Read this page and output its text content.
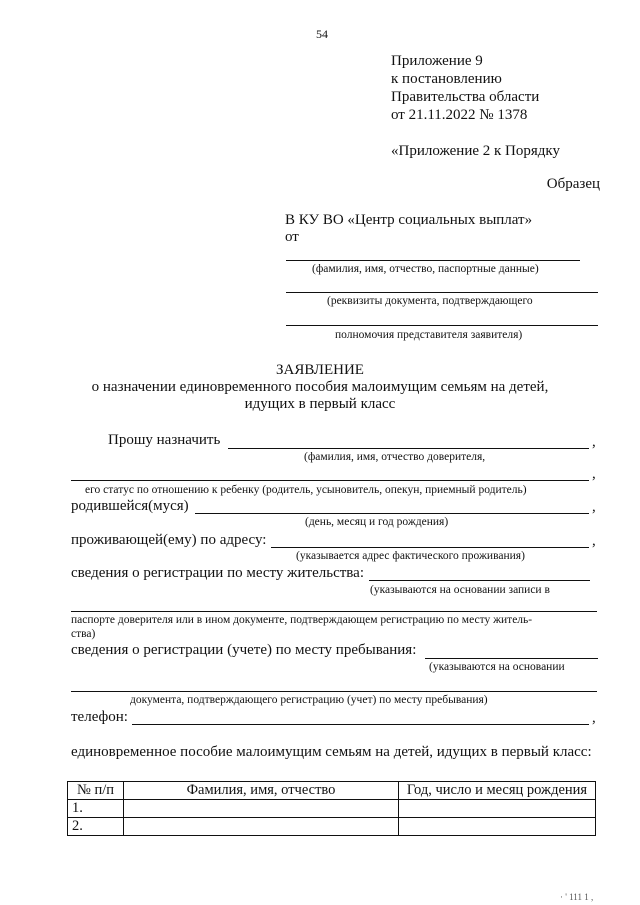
54
Приложение 9
к постановлению
Правительства области
от 21.11.2022 № 1378
«Приложение 2 к Порядку
Образец
В КУ ВО «Центр социальных выплат»
от
(фамилия, имя, отчество, паспортные данные)
(реквизиты документа, подтверждающего
полномочия представителя заявителя)
ЗАЯВЛЕНИЕ
о назначении единовременного пособия малоимущим семьям на детей,
идущих в первый класс
Прошу назначить	,
(фамилия, имя, отчество доверителя,
,
его статус по отношению к ребенку (родитель, усыновитель, опекун, приемный родитель)
родившейся(муся)	,
(день, месяц и год рождения)
проживающей(ему) по адресу:	,
(указывается адрес фактического проживания)
сведения о регистрации по месту жительства:
(указываются на основании записи в
паспорте доверителя или в ином документе, подтверждающем регистрацию по месту житель-
ства)
сведения о регистрации (учете) по месту пребывания:
(указываются на основании
документа, подтверждающего регистрацию (учет) по месту пребывания)
телефон:	,
единовременное пособие малоимущим семьям на детей, идущих в первый класс:
№ п/п	Фамилия, имя, отчество	Год, число и месяц рождения
1.		
2.		
· ' 111 1 ,
